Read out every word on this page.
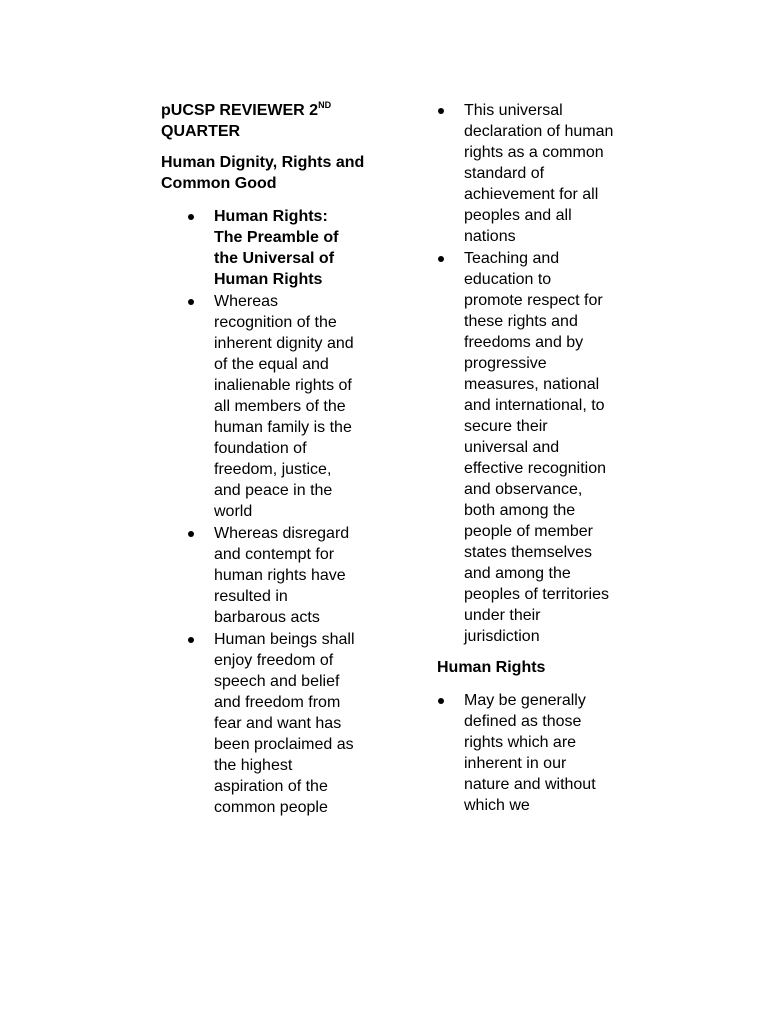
pUCSP REVIEWER 2ND
QUARTER
Human Dignity, Rights and Common Good
Human Rights: The Preamble of the Universal of Human Rights
Whereas recognition of the inherent dignity and of the equal and inalienable rights of all members of the human family is the foundation of freedom, justice, and peace in the world
Whereas disregard and contempt for human rights have resulted in barbarous acts
Human beings shall enjoy freedom of speech and belief and freedom from fear and want has been proclaimed as the highest aspiration of the common people
This universal declaration of human rights as a common standard of achievement for all peoples and all nations
Teaching and education to promote respect for these rights and freedoms and by progressive measures, national and international, to secure their universal and effective recognition and observance, both among the people of member states themselves and among the peoples of territories under their jurisdiction
Human Rights
May be generally defined as those rights which are inherent in our nature and without which we
